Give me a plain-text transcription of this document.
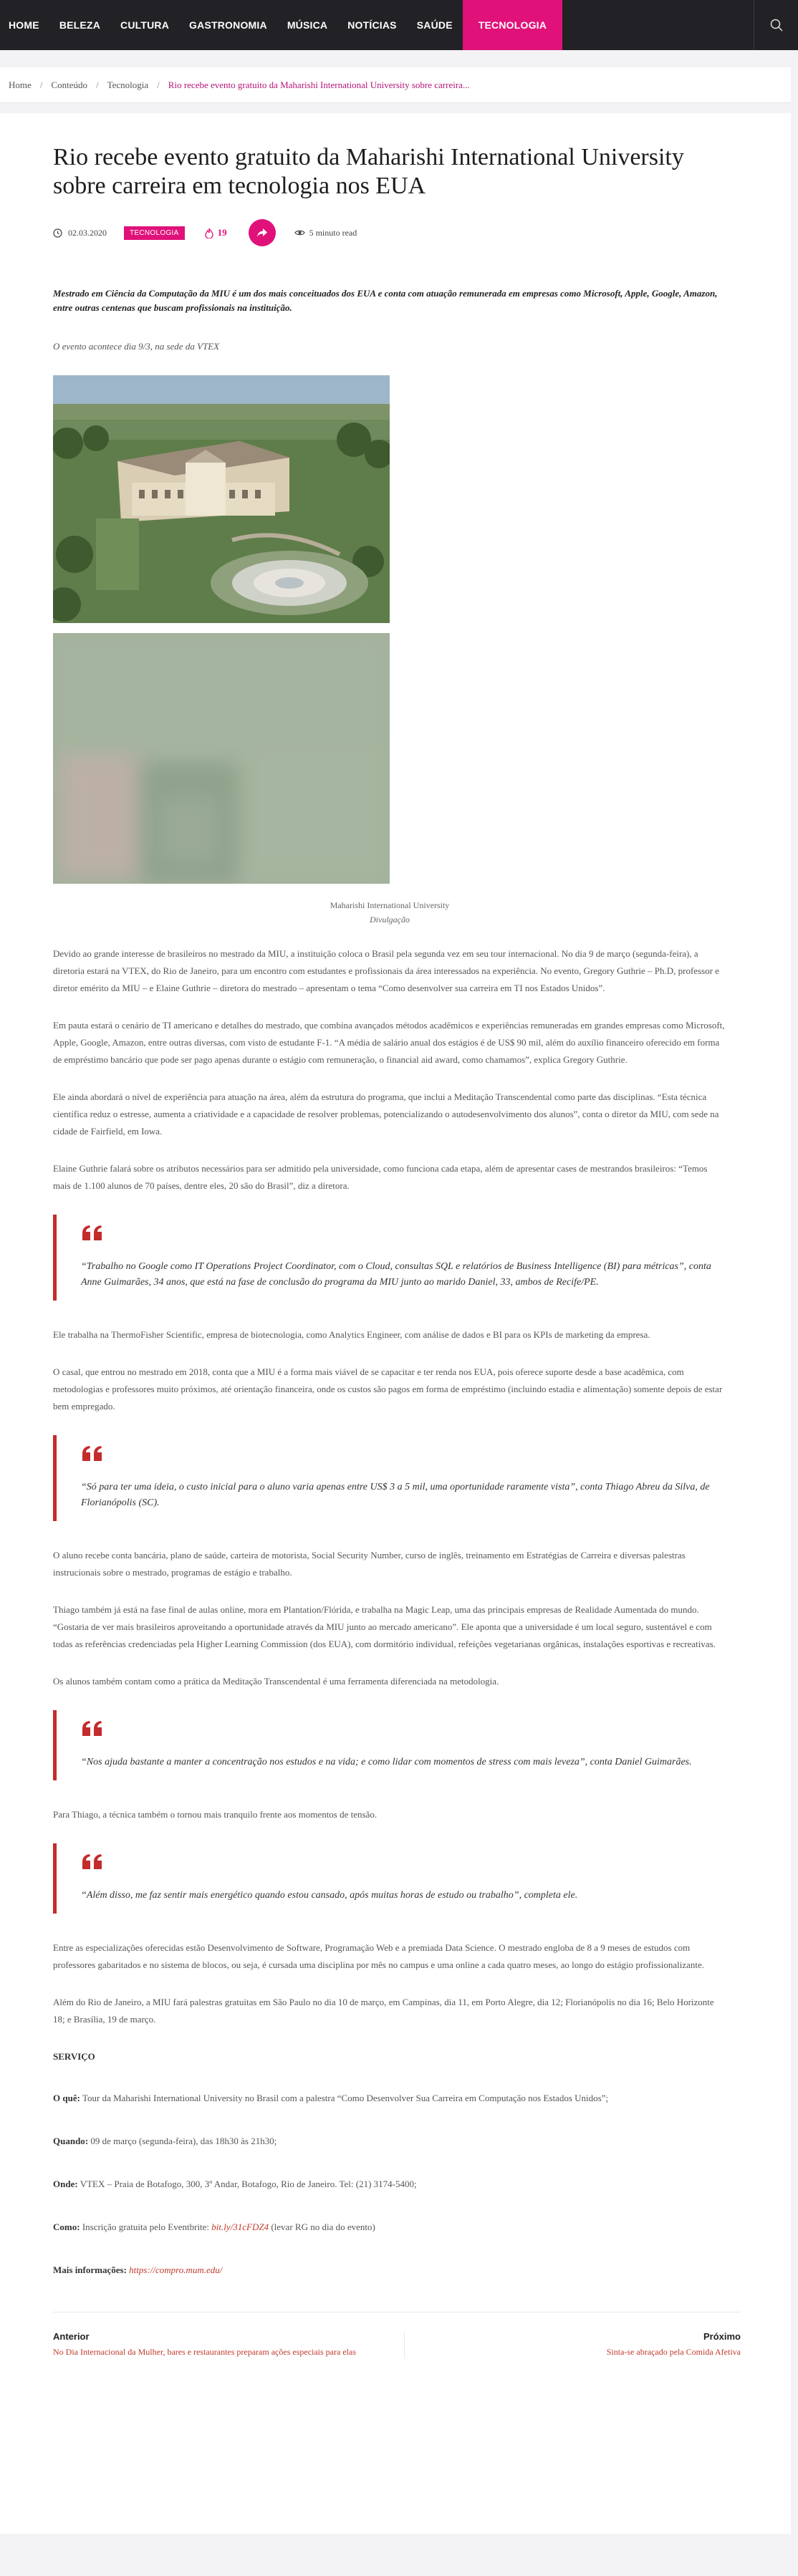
HOME	BELEZA	CULTURA	GASTRONOMIA	MÚSICA	NOTÍCIAS	SAÚDE	TECNOLOGIA
Home / Conteúdo / Tecnologia / Rio recebe evento gratuito da Maharishi International University sobre carreira...
Rio recebe evento gratuito da Maharishi International University sobre carreira em tecnologia nos EUA
02.03.2020	TECNOLOGIA	19	5 minuto read

Mestrado em Ciência da Computação da MIU é um dos mais conceituados dos EUA e conta com atuação remunerada em empresas como Microsoft, Apple, Google, Amazon, entre outras centenas que buscam profissionais na instituição.

O evento acontece dia 9/3, na sede da VTEX

Maharishi International University
Divulgação

Devido ao grande interesse de brasileiros no mestrado da MIU, a instituição coloca o Brasil pela segunda vez em seu tour internacional. No dia 9 de março (segunda-feira), a diretoria estará na VTEX, do Rio de Janeiro, para um encontro com estudantes e profissionais da área interessados na experiência. No evento, Gregory Guthrie – Ph.D, professor e diretor emérito da MIU – e Elaine Guthrie – diretora do mestrado – apresentam o tema “Como desenvolver sua carreira em TI nos Estados Unidos”.

Em pauta estará o cenário de TI americano e detalhes do mestrado, que combina avançados métodos acadêmicos e experiências remuneradas em grandes empresas como Microsoft, Apple, Google, Amazon, entre outras diversas, com visto de estudante F-1. “A média de salário anual dos estágios é de US$ 90 mil, além do auxílio financeiro oferecido em forma de empréstimo bancário que pode ser pago apenas durante o estágio com remuneração, o financial aid award, como chamamos”, explica Gregory Guthrie.

Ele ainda abordará o nível de experiência para atuação na área, além da estrutura do programa, que inclui a Meditação Transcendental como parte das disciplinas. “Esta técnica científica reduz o estresse, aumenta a criatividade e a capacidade de resolver problemas, potencializando o autodesenvolvimento dos alunos”, conta o diretor da MIU, com sede na cidade de Fairfield, em Iowa.

Elaine Guthrie falará sobre os atributos necessários para ser admitido pela universidade, como funciona cada etapa, além de apresentar cases de mestrandos brasileiros: “Temos mais de 1.100 alunos de 70 países, dentre eles, 20 são do Brasil”, diz a diretora.

“Trabalho no Google como IT Operations Project Coordinator, com o Cloud, consultas SQL e relatórios de Business Intelligence (BI) para métricas”, conta Anne Guimarães, 34 anos, que está na fase de conclusão do programa da MIU junto ao marido Daniel, 33, ambos de Recife/PE.

Ele trabalha na ThermoFisher Scientific, empresa de biotecnologia, como Analytics Engineer, com análise de dados e BI para os KPIs de marketing da empresa.

O casal, que entrou no mestrado em 2018, conta que a MIU é a forma mais viável de se capacitar e ter renda nos EUA, pois oferece suporte desde a base acadêmica, com metodologias e professores muito próximos, até orientação financeira, onde os custos são pagos em forma de empréstimo (incluindo estadia e alimentação) somente depois de estar bem empregado.

“Só para ter uma ideia, o custo inicial para o aluno varia apenas entre US$ 3 a 5 mil, uma oportunidade raramente vista”, conta Thiago Abreu da Silva, de Florianópolis (SC).

O aluno recebe conta bancária, plano de saúde, carteira de motorista, Social Security Number, curso de inglês, treinamento em Estratégias de Carreira e diversas palestras instrucionais sobre o mestrado, programas de estágio e trabalho.

Thiago também já está na fase final de aulas online, mora em Plantation/Flórida, e trabalha na Magic Leap, uma das principais empresas de Realidade Aumentada do mundo. “Gostaria de ver mais brasileiros aproveitando a oportunidade através da MIU junto ao mercado americano”. Ele aponta que a universidade é um local seguro, sustentável e com todas as referências credenciadas pela Higher Learning Commission (dos EUA), com dormitório individual, refeições vegetarianas orgânicas, instalações esportivas e recreativas.

Os alunos também contam como a prática da Meditação Transcendental é uma ferramenta diferenciada na metodologia.

“Nos ajuda bastante a manter a concentração nos estudos e na vida; e como lidar com momentos de stress com mais leveza”, conta Daniel Guimarães.

Para Thiago, a técnica também o tornou mais tranquilo frente aos momentos de tensão.

“Além disso, me faz sentir mais energético quando estou cansado, após muitas horas de estudo ou trabalho”, completa ele.

Entre as especializações oferecidas estão Desenvolvimento de Software, Programação Web e a premiada Data Science. O mestrado engloba de 8 a 9 meses de estudos com professores gabaritados e no sistema de blocos, ou seja, é cursada uma disciplina por mês no campus e uma online a cada quatro meses, ao longo do estágio profissionalizante.

Além do Rio de Janeiro, a MIU fará palestras gratuitas em São Paulo no dia 10 de março, em Campinas, dia 11, em Porto Alegre, dia 12; Florianópolis no dia 16; Belo Horizonte 18; e Brasília, 19 de março.

SERVIÇO

O quê: Tour da Maharishi International University no Brasil com a palestra “Como Desenvolver Sua Carreira em Computação nos Estados Unidos”;

Quando: 09 de março (segunda-feira), das 18h30 às 21h30;

Onde: VTEX – Praia de Botafogo, 300, 3º Andar, Botafogo, Rio de Janeiro. Tel: (21) 3174-5400;

Como: Inscrição gratuita pelo Eventbrite: bit.ly/31cFDZ4 (levar RG no dia do evento)

Mais informações: https://compro.mum.edu/

Anterior
No Dia Internacional da Mulher, bares e restaurantes preparam ações especiais para elas
Próximo
Sinta-se abraçado pela Comida Afetiva
